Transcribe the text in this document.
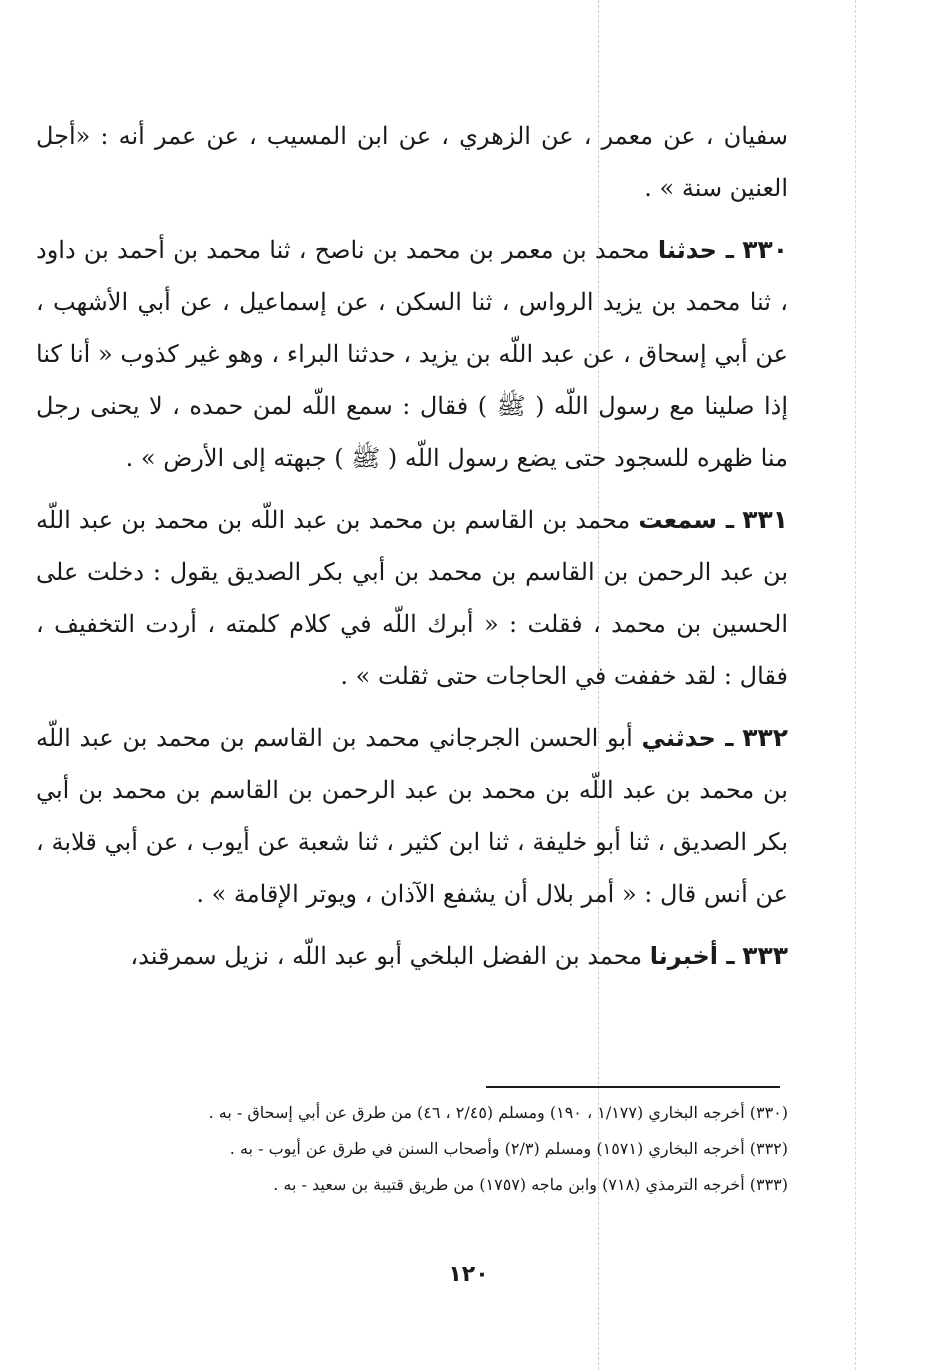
سفيان ، عن معمر ، عن الزهري ، عن ابن المسيب ، عن عمر أنه : «أجل العنين سنة » .

٣٣٠ ـ حدثنا محمد بن معمر بن محمد بن ناصح ، ثنا محمد بن أحمد بن داود ، ثنا محمد بن يزيد الرواس ، ثنا السكن ، عن إسماعيل ، عن أبي الأشهب ، عن أبي إسحاق ، عن عبد اللّه بن يزيد ، حدثنا البراء ، وهو غير كذوب « أنا كنا إذا صلينا مع رسول اللّه ( ﷺ ) فقال : سمع اللّه لمن حمده ، لا يحنى رجل منا ظهره للسجود حتى يضع رسول اللّه ( ﷺ ) جبهته إلى الأرض » .

٣٣١ ـ سمعت محمد بن القاسم بن محمد بن عبد اللّه بن محمد بن عبد اللّه بن عبد الرحمن بن القاسم بن محمد بن أبي بكر الصديق يقول : دخلت على الحسين بن محمد ، فقلت : « أبرك اللّه في كلام كلمته ، أردت التخفيف ، فقال : لقد خففت في الحاجات حتى ثقلت » .

٣٣٢ ـ حدثني أبو الحسن الجرجاني محمد بن القاسم بن محمد بن عبد اللّه بن محمد بن عبد اللّه بن محمد بن عبد الرحمن بن القاسم بن محمد بن أبي بكر الصديق ، ثنا أبو خليفة ، ثنا ابن كثير ، ثنا شعبة عن أيوب ، عن أبي قلابة ، عن أنس قال : « أمر بلال أن يشفع الآذان ، ويوتر الإقامة » .

٣٣٣ ـ أخبرنا محمد بن الفضل البلخي أبو عبد اللّه ، نزيل سمرقند،

(٣٣٠) أخرجه البخاري (١/١٧٧ ، ١٩٠) ومسلم (٢/٤٥ ، ٤٦) من طرق عن أبي إسحاق - به .

(٣٣٢) أخرجه البخاري (١٥٧١) ومسلم (٢/٣) وأصحاب السنن في طرق عن أيوب - به .

(٣٣٣) أخرجه الترمذي (٧١٨) وابن ماجه (١٧٥٧) من طريق قتيبة بن سعيد - به .

١٢٠
